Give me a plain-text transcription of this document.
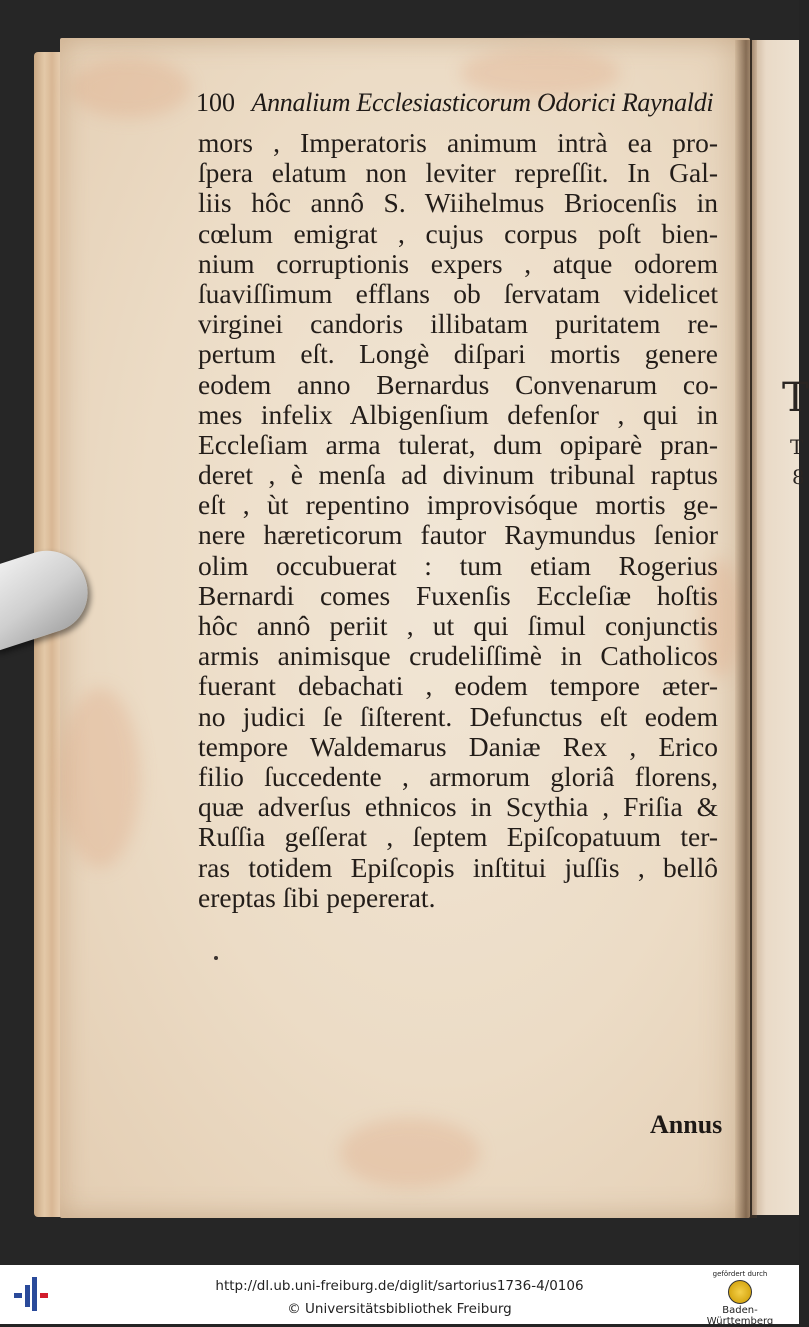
T
T
8
100 Annalium Ecclesiasticorum Odorici Raynaldi
mors , Imperatoris animum intrà ea pro-
ſpera elatum non leviter repreſſit. In Gal-
liis hôc annô S. Wiihelmus Briocenſis in
cœlum emigrat , cujus corpus poſt bien-
nium corruptionis expers , atque odorem
ſuaviſſimum efflans ob ſervatam videlicet
virginei candoris illibatam puritatem re-
pertum eſt. Longè diſpari mortis genere
eodem anno Bernardus Convenarum co-
mes infelix Albigenſium defenſor , qui in
Eccleſiam arma tulerat, dum opiparè pran-
deret , è menſa ad divinum tribunal raptus
eſt , ùt repentino improvisóque mortis ge-
nere hæreticorum fautor Raymundus ſenior
olim occubuerat : tum etiam Rogerius
Bernardi comes Fuxenſis Eccleſiæ hoſtis
hôc annô periit , ut qui ſimul conjunctis
armis animisque crudeliſſimè in Catholicos
fuerant debachati , eodem tempore æter-
no judici ſe ſiſterent. Defunctus eſt eodem
tempore Waldemarus Daniæ Rex , Erico
filio ſuccedente , armorum gloriâ florens,
quæ adverſus ethnicos in Scythia , Friſia &
Ruſſia geſſerat , ſeptem Epiſcopatuum ter-
ras totidem Epiſcopis inſtitui juſſis , bellô
ereptas ſibi pepererat.
Annus
http://dl.ub.uni-freiburg.de/diglit/sartorius1736-4/0106
© Universitätsbibliothek Freiburg
gefördert durch
Baden-Württemberg
